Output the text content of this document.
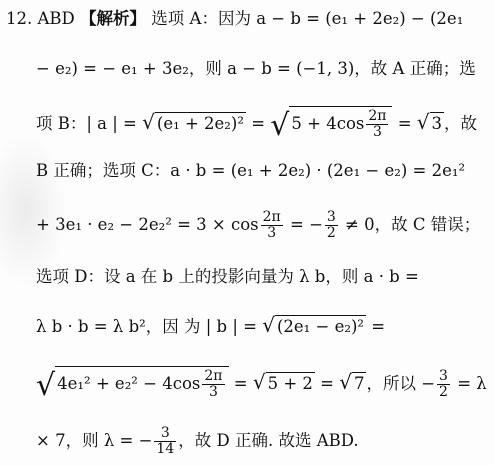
12. ABD 【解析】 选项 A：因为 a − b = (e₁ + 2e₂) − (2e₁
− e₂) = − e₁ + 3e₂，则 a − b = (−1, 3)，故 A 正确；选
项 B：| a | = √ (e₁ + 2e₂)² = √ $5 + 4\cos \frac{2\pi}{3}$ = √ 3 ，故
B 正确；选项 C：a · b = (e₁ + 2e₂) · (2e₁ − e₂) = 2e₁²
+ $3e_1 \cdot e_2 - 2e_2^2 = 3 \times \cos \frac{2\pi}{3}$ = − $\frac{3}{2} \ne 0$，故 C 错误；
选项 D：设 a 在 b 上的投影向量为 λ b，则 a · b =
λ b · b = λ b²，因 为 | b | = √ (2e₁ − e₂)² =
√ $4e_1^2 + e_2^2 - 4\cos \frac{2\pi}{3}$ = √ 5 + 2 = √ 7 ，所以 − $\frac{3}{2} = \lambda$
× 7，则 λ = − $\frac{3}{14}$ ，故 D 正确. 故选 ABD.
